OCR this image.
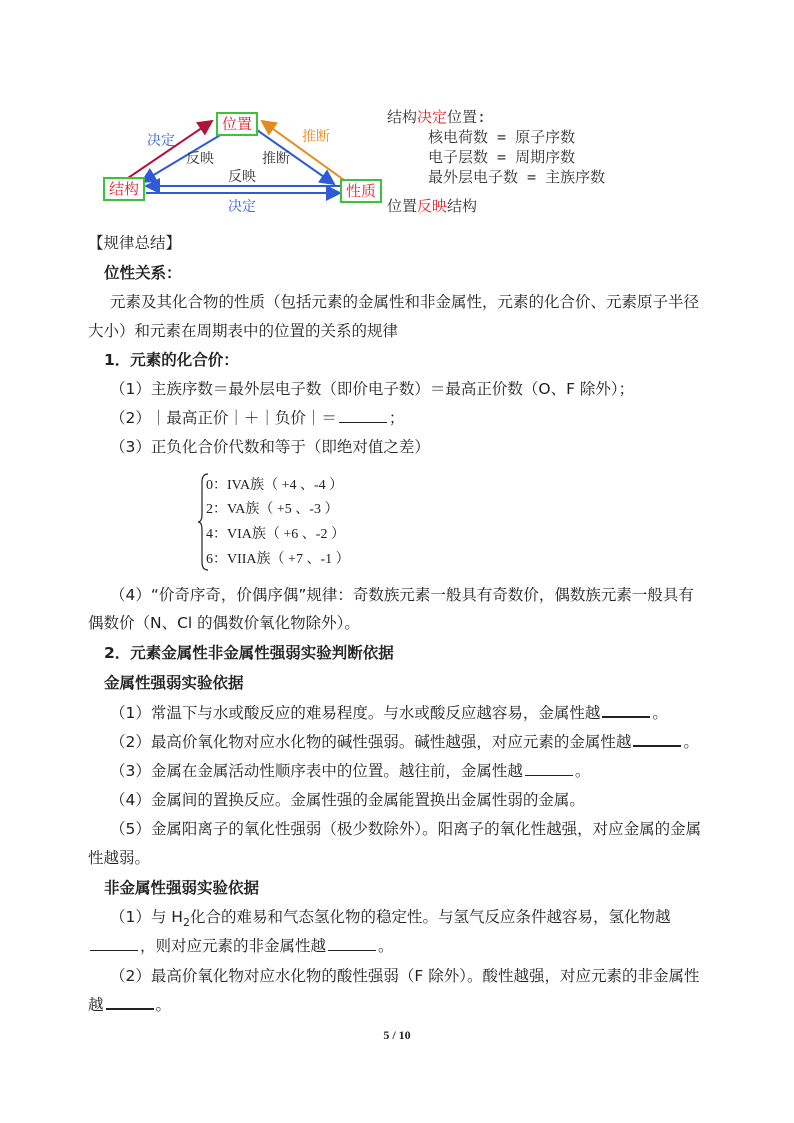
位置
结构	性质
决定
反映
推断
推断
反映
决定
结构决定位置:
核电荷数 = 原子序数
电子层数 = 周期序数
最外层电子数 = 主族序数
位置反映结构
【规律总结】
位性关系：
元素及其化合物的性质（包括元素的金属性和非金属性，元素的化合价、元素原子半径
大小）和元素在周期表中的位置的关系的规律
1．元素的化合价：
（1）主族序数＝最外层电子数（即价电子数）＝最高正价数（O、F 除外）；
（2）｜最高正价｜＋｜负价｜＝	；
（3）正负化合价代数和等于（即绝对值之差）
0：IVA族（ +4 、-4 ）
2：VA族（ +5 、-3 ）
4：VIA族（ +6 、-2 ）
6：VIIA族（ +7 、-1 ）
（4）“价奇序奇，价偶序偶”规律：奇数族元素一般具有奇数价，偶数族元素一般具有
偶数价（N、Cl 的偶数价氧化物除外）。
2．元素金属性非金属性强弱实验判断依据
金属性强弱实验依据
（1）常温下与水或酸反应的难易程度。与水或酸反应越容易，金属性越	。
（2）最高价氧化物对应水化物的碱性强弱。碱性越强，对应元素的金属性越	。
（3）金属在金属活动性顺序表中的位置。越往前，金属性越	。
（4）金属间的置换反应。金属性强的金属能置换出金属性弱的金属。
（5）金属阳离子的氧化性强弱（极少数除外）。阳离子的氧化性越强，对应金属的金属
性越弱。
非金属性强弱实验依据
（1）与 $H_2$化合的难易和气态氢化物的稳定性。与氢气反应条件越容易，氢化物越
，则对应元素的非金属性越	。
（2）最高价氧化物对应水化物的酸性强弱（F 除外）。酸性越强，对应元素的非金属性
越	。
5 / 10
